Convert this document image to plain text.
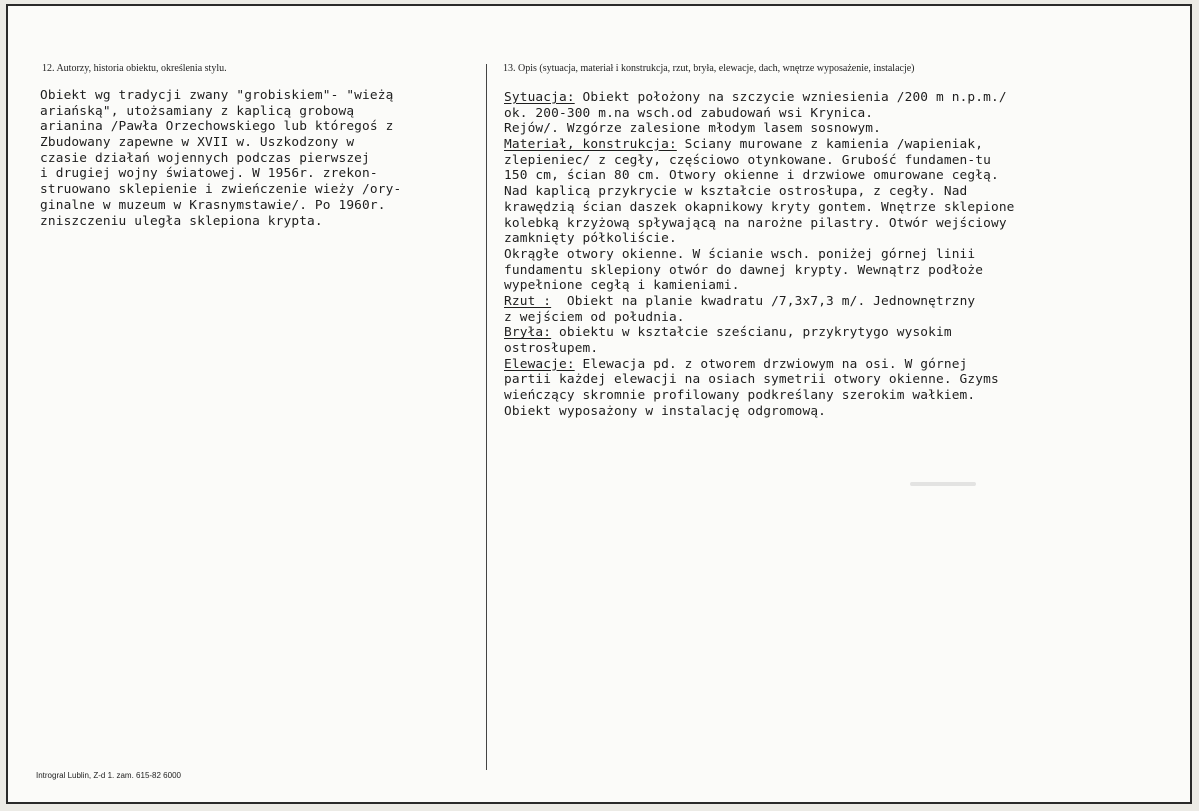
12. Autorzy, historia obiektu, określenia stylu.	13. Opis (sytuacja, materiał i konstrukcja, rzut, bryła, elewacje, dach, wnętrze wyposażenie, instalacje)
Obiekt wg tradycji zwany "grobiskiem"- "wieżą
ariańską", utożsamiany z kaplicą grobową
arianina /Pawła Orzechowskiego lub któregoś z
Zbudowany zapewne w XVII w. Uszkodzony w
czasie działań wojennych podczas pierwszej
i drugiej wojny światowej. W 1956r. zrekon-
struowano sklepienie i zwieńczenie wieży /ory-
ginalne w muzeum w Krasnymstawie/. Po 1960r.
zniszczeniu uległa sklepiona krypta.
Sytuacja: Obiekt położony na szczycie wzniesienia /200 m n.p.m./
ok. 200-300 m.na wsch.od zabudowań wsi Krynica.
Rejów/. Wzgórze zalesione młodym lasem sosnowym.
Materiał, konstrukcja: Sciany murowane z kamienia /wapieniak,
zlepieniec/ z cegły, częściowo otynkowane. Grubość fundamen-tu
150 cm, ścian 80 cm. Otwory okienne i drzwiowe omurowane cegłą.
Nad kaplicą przykrycie w kształcie ostrosłupa, z cegły. Nad
krawędzią ścian daszek okapnikowy kryty gontem. Wnętrze sklepione
kolebką krzyżową spływającą na narożne pilastry. Otwór wejściowy
zamknięty półkoliście.
Okrągłe otwory okienne. W ścianie wsch. poniżej górnej linii
fundamentu sklepiony otwór do dawnej krypty. Wewnątrz podłoże
wypełnione cegłą i kamieniami.
Rzut :  Obiekt na planie kwadratu /7,3x7,3 m/. Jednownętrzny
z wejściem od południa.
Bryła: obiektu w kształcie sześcianu, przykrytygo wysokim
ostrosłupem.
Elewacje: Elewacja pd. z otworem drzwiowym na osi. W górnej
partii każdej elewacji na osiach symetrii otwory okienne. Gzyms
wieńczący skromnie profilowany podkreślany szerokim wałkiem.
Obiekt wyposażony w instalację odgromową.
Introgral Lublin, Z-d 1. zam. 615-82 6000
